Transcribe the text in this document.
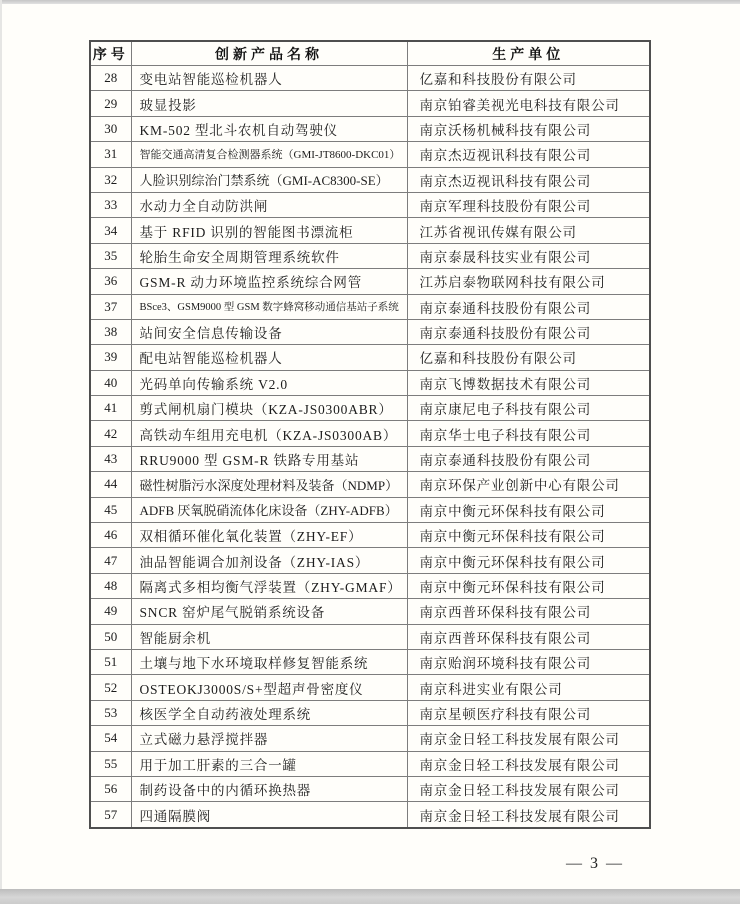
序号	创新产品名称	生产单位
28	变电站智能巡检机器人	亿嘉和科技股份有限公司
29	玻显投影	南京铂睿美视光电科技有限公司
30	KM-502 型北斗农机自动驾驶仪	南京沃杨机械科技有限公司
31	智能交通高清复合检测器系统（GMI-JT8600-DKC01）	南京杰迈视讯科技有限公司
32	人脸识别综治门禁系统（GMI-AC8300-SE）	南京杰迈视讯科技有限公司
33	水动力全自动防洪闸	南京军理科技股份有限公司
34	基于 RFID 识别的智能图书漂流柜	江苏省视讯传媒有限公司
35	轮胎生命安全周期管理系统软件	南京泰晟科技实业有限公司
36	GSM-R 动力环境监控系统综合网管	江苏启泰物联网科技有限公司
37	BSce3、GSM9000 型 GSM 数字蜂窝移动通信基站子系统	南京泰通科技股份有限公司
38	站间安全信息传输设备	南京泰通科技股份有限公司
39	配电站智能巡检机器人	亿嘉和科技股份有限公司
40	光码单向传输系统 V2.0	南京飞博数据技术有限公司
41	剪式闸机扇门模块（KZA-JS0300ABR）	南京康尼电子科技有限公司
42	高铁动车组用充电机（KZA-JS0300AB）	南京华士电子科技有限公司
43	RRU9000 型 GSM-R 铁路专用基站	南京泰通科技股份有限公司
44	磁性树脂污水深度处理材料及装备（NDMP）	南京环保产业创新中心有限公司
45	ADFB 厌氧脱硝流体化床设备（ZHY-ADFB）	南京中衡元环保科技有限公司
46	双相循环催化氧化装置（ZHY-EF）	南京中衡元环保科技有限公司
47	油品智能调合加剂设备（ZHY-IAS）	南京中衡元环保科技有限公司
48	隔离式多相均衡气浮装置（ZHY-GMAF）	南京中衡元环保科技有限公司
49	SNCR 窑炉尾气脱销系统设备	南京西普环保科技有限公司
50	智能厨余机	南京西普环保科技有限公司
51	土壤与地下水环境取样修复智能系统	南京贻润环境科技有限公司
52	OSTEOKJ3000S/S+型超声骨密度仪	南京科进实业有限公司
53	核医学全自动药液处理系统	南京星顿医疗科技有限公司
54	立式磁力悬浮搅拌器	南京金日轻工科技发展有限公司
55	用于加工肝素的三合一罐	南京金日轻工科技发展有限公司
56	制药设备中的内循环换热器	南京金日轻工科技发展有限公司
57	四通隔膜阀	南京金日轻工科技发展有限公司
— 3 —
